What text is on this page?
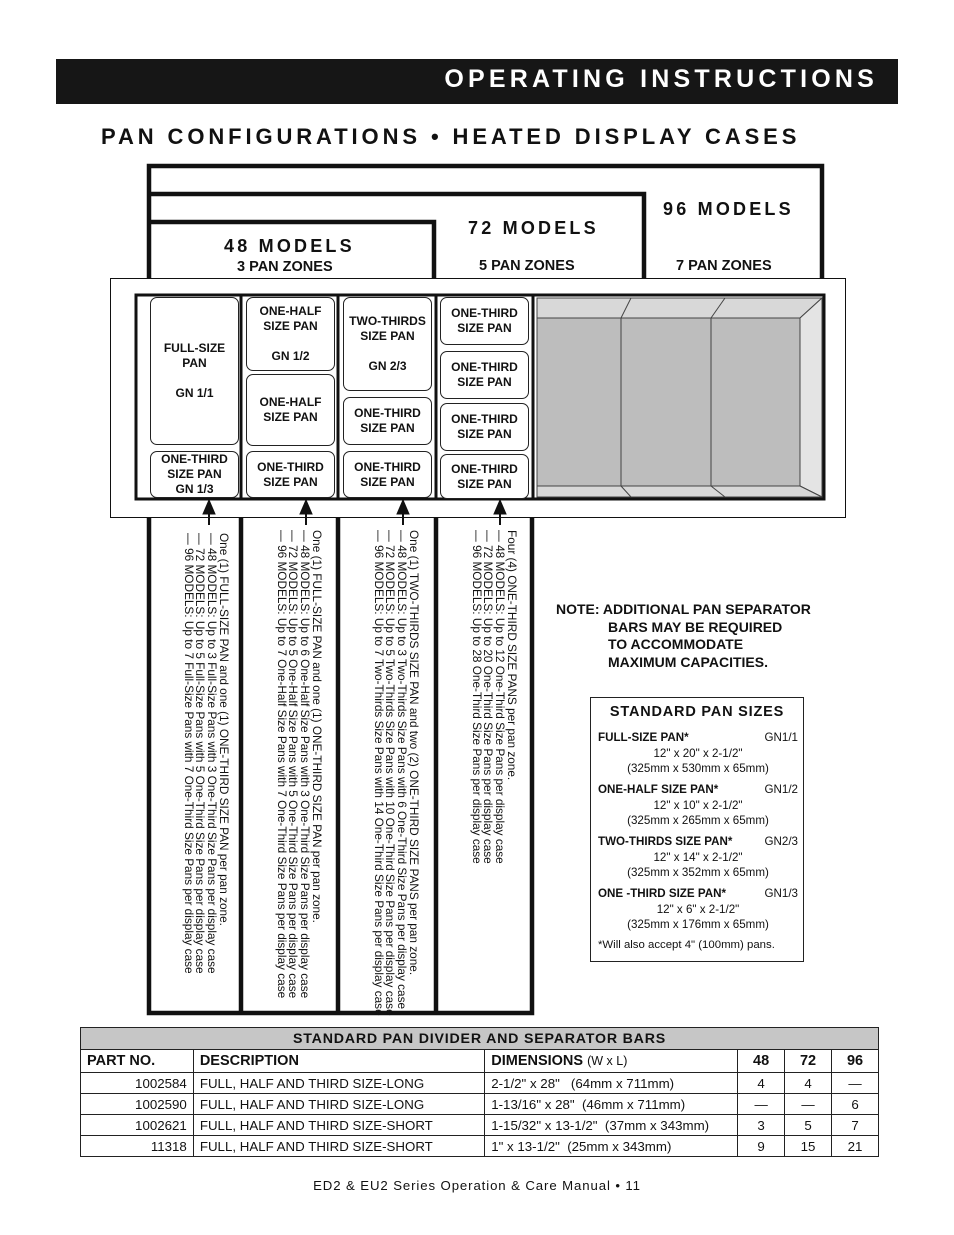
OPERATING INSTRUCTIONS
PAN CONFIGURATIONS • HEATED DISPLAY CASES
48 MODELS
3 PAN ZONES
72 MODELS
5 PAN ZONES
96 MODELS
7 PAN ZONES
FULL-SIZE
PAN

GN 1/1
ONE-THIRD
SIZE PAN
GN 1/3
ONE-HALF
SIZE PAN

GN 1/2
ONE-HALF
SIZE PAN
ONE-THIRD
SIZE PAN
TWO-THIRDS
SIZE PAN

GN 2/3
ONE-THIRD
SIZE PAN
ONE-THIRD
SIZE PAN
ONE-THIRD
SIZE PAN
ONE-THIRD
SIZE PAN
ONE-THIRD
SIZE PAN
ONE-THIRD
SIZE PAN
One (1) FULL-SIZE PAN and one (1) ONE-THIRD SIZE PAN per pan zone.
— 48 MODELS: Up to 3 Full-Size Pans with 3 One-Third Size Pans per display case
— 72 MODELS: Up to 5 Full-Size Pans with 5 One-Third Size Pans per display case
— 96 MODELS: Up to 7 Full-Size Pans with 7 One-Third Size Pans per display case	One (1) FULL-SIZE PAN and one (1) ONE-THIRD SIZE PAN per pan zone.
— 48 MODELS: Up to 6 One-Half Size Pans with 3 One-Third Size Pans per display case
— 72 MODELS: Up to 5 One-Half Size Pans with 5 One-Third Size Pans per display case
— 96 MODELS: Up to 7 One-Half Size Pans with 7 One-Third Size Pans per display case	One (1) TWO-THIRDS SIZE PAN and two (2) ONE-THIRD SIZE PANS per pan zone.
— 48 MODELS: Up to 3 Two-Thirds Size Pans with 6 One-Third Size Pans per display case
— 72 MODELS: Up to 5 Two-Thirds Size Pans with 10 One-Third Size Pans per display case
— 96 MODELS: Up to 7 Two-Thirds Size Pans with 14 One-Third Size Pans per display case	Four (4) ONE-THIRD SIZE PANS per pan zone.
— 48 MODELS: Up to 12 One-Third Size Pans per display case
— 72 MODELS: Up to 20 One-Third Size Pans per display case
— 96 MODELS: Up to 28 One-Third Size Pans per display case	NOTE: ADDITIONAL PAN SEPARATOR
BARS MAY BE REQUIRED
TO ACCOMMODATE
MAXIMUM CAPACITIES.
STANDARD PAN SIZES
FULL-SIZE PAN*	GN1/1
12" x 20" x 2-1/2"
(325mm x 530mm x 65mm)
ONE-HALF SIZE PAN*	GN1/2
12" x 10" x 2-1/2"
(325mm x 265mm x 65mm)
TWO-THIRDS SIZE PAN*	GN2/3
12" x 14" x 2-1/2"
(325mm x 352mm x 65mm)
ONE -THIRD SIZE PAN*	GN1/3
12" x 6" x 2-1/2"
(325mm x 176mm x 65mm)
*Will also accept 4" (100mm) pans.
STANDARD PAN DIVIDER AND SEPARATOR BARS					
PART NO.	DESCRIPTION	DIMENSIONS (W x L)	48	72	96
1002584	FULL, HALF AND THIRD SIZE-LONG	2-1/2" x 28"   (64mm x 711mm)	4	4	—
1002590	FULL, HALF AND THIRD SIZE-LONG	1-13/16" x 28"  (46mm x 711mm)	—	—	6
1002621	FULL, HALF AND THIRD SIZE-SHORT	1-15/32" x 13-1/2"  (37mm x 343mm)	3	5	7
11318	FULL, HALF AND THIRD SIZE-SHORT	1" x 13-1/2"  (25mm x 343mm)	9	15	21
ED2 & EU2 Series Operation & Care Manual • 11
